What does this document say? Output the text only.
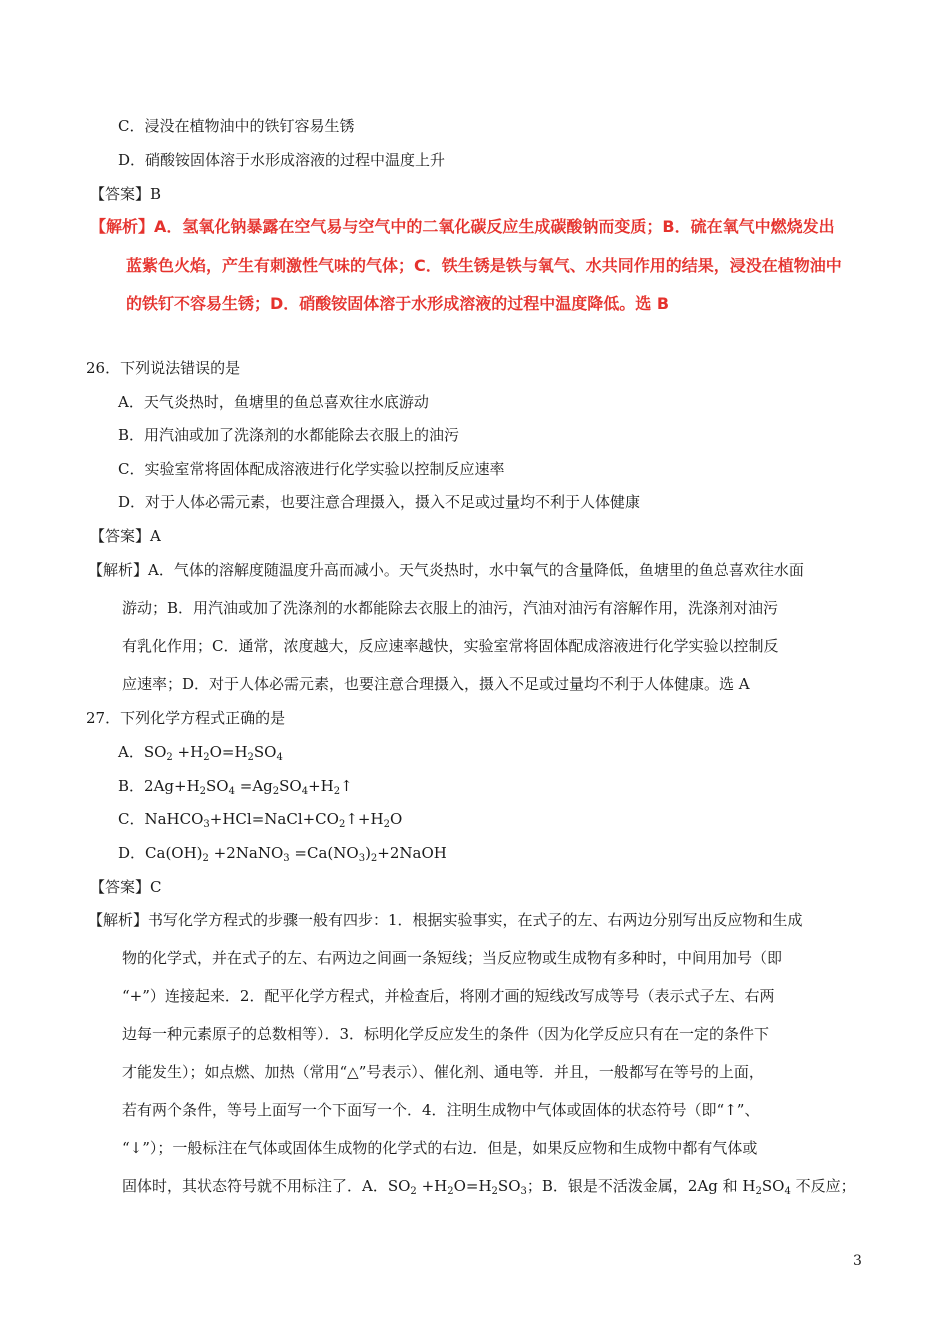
C．浸没在植物油中的铁钉容易生锈
D．硝酸铵固体溶于水形成溶液的过程中温度上升
【答案】B
【解析】A．氢氧化钠暴露在空气易与空气中的二氧化碳反应生成碳酸钠而变质；B．硫在氧气中燃烧发出
蓝紫色火焰，产生有刺激性气味的气体；C．铁生锈是铁与氧气、水共同作用的结果，浸没在植物油中
的铁钉不容易生锈；D．硝酸铵固体溶于水形成溶液的过程中温度降低。选 B
26．下列说法错误的是
A．天气炎热时，鱼塘里的鱼总喜欢往水底游动
B．用汽油或加了洗涤剂的水都能除去衣服上的油污
C．实验室常将固体配成溶液进行化学实验以控制反应速率
D．对于人体必需元素，也要注意合理摄入，摄入不足或过量均不利于人体健康
【答案】A
【解析】A．气体的溶解度随温度升高而减小。天气炎热时，水中氧气的含量降低，鱼塘里的鱼总喜欢往水面
游动；B．用汽油或加了洗涤剂的水都能除去衣服上的油污，汽油对油污有溶解作用，洗涤剂对油污
有乳化作用；C．通常，浓度越大，反应速率越快，实验室常将固体配成溶液进行化学实验以控制反
应速率；D．对于人体必需元素，也要注意合理摄入，摄入不足或过量均不利于人体健康。选 A
27．下列化学方程式正确的是
A．$SO_2 +H_2O=H_2SO_4$
B．$2Ag+H_2SO_4$ $=Ag_2SO_4+H_2↑$
C．$NaHCO_3+HCl=NaCl+CO_2↑+H_2O$
D．$Ca(OH)_2$ +2NaNO$_3$ $=Ca(NO_3)_2+2NaOH$
【答案】C
【解析】书写化学方程式的步骤一般有四步：1．根据实验事实，在式子的左、右两边分别写出反应物和生成
物的化学式，并在式子的左、右两边之间画一条短线；当反应物或生成物有多种时，中间用加号（即
“+”）连接起来．2．配平化学方程式，并检查后，将刚才画的短线改写成等号（表示式子左、右两
边每一种元素原子的总数相等）．3．标明化学反应发生的条件（因为化学反应只有在一定的条件下
才能发生）；如点燃、加热（常用“△”号表示）、催化剂、通电等．并且，一般都写在等号的上面，
若有两个条件，等号上面写一个下面写一个．4．注明生成物中气体或固体的状态符号（即“↑”、
“↓”）；一般标注在气体或固体生成物的化学式的右边．但是，如果反应物和生成物中都有气体或
固体时，其状态符号就不用标注了．A．$SO_2 +H_2O=H_2SO_3$；B．银是不活泼金属，2Ag 和 $H_2SO_4$ 不反应；
3
